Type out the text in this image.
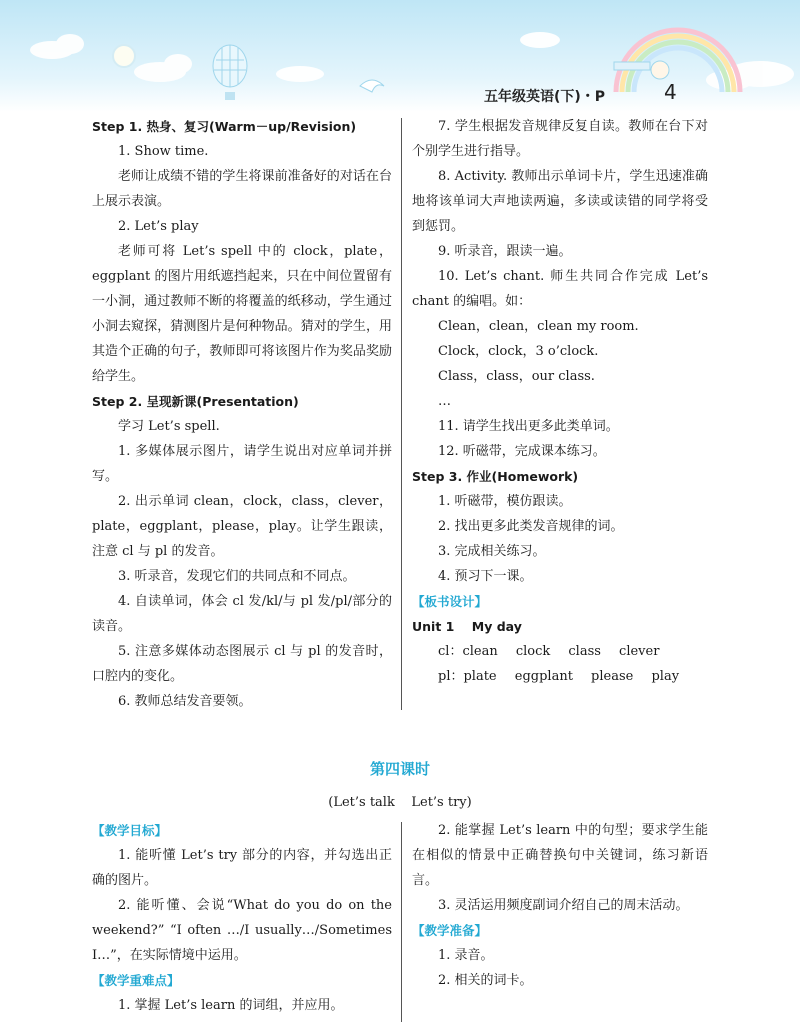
五年级英语(下)・P	4

Step 1. 热身、复习(Warm－up/Revision)

1. Show time.

老师让成绩不错的学生将课前准备好的对话在台上展示表演。

2. Let’s play

老师可将 Let’s spell 中的 clock，plate，eggplant 的图片用纸遮挡起来，只在中间位置留有一小洞，通过教师不断的将覆盖的纸移动，学生通过小洞去窥探，猜测图片是何种物品。猜对的学生，用其造个正确的句子，教师即可将该图片作为奖品奖励给学生。

Step 2. 呈现新课(Presentation)

学习 Let’s spell.

1. 多媒体展示图片，请学生说出对应单词并拼写。

2. 出示单词 clean，clock，class，clever，plate，eggplant，please，play。让学生跟读，注意 cl 与 pl 的发音。

3. 听录音，发现它们的共同点和不同点。

4. 自读单词，体会 cl 发/kl/与 pl 发/pl/部分的读音。

5. 注意多媒体动态图展示 cl 与 pl 的发音时，口腔内的变化。

6. 教师总结发音要领。

7. 学生根据发音规律反复自读。教师在台下对个别学生进行指导。

8. Activity. 教师出示单词卡片，学生迅速准确地将该单词大声地读两遍，多读或读错的同学将受到惩罚。

9. 听录音，跟读一遍。

10. Let’s chant. 师生共同合作完成 Let’s chant 的编唱。如：

Clean，clean，clean my room.

Clock，clock，3 o’clock.

Class，class，our class.

…

11. 请学生找出更多此类单词。

12. 听磁带，完成课本练习。

Step 3. 作业(Homework)

1. 听磁带，模仿跟读。

2. 找出更多此类发音规律的词。

3. 完成相关练习。

4. 预习下一课。

【板书设计】

Unit 1    My day

cl：clean clock class clever

pl：plate eggplant please play

第四课时
(Let’s talk    Let’s try)

【教学目标】

1. 能听懂 Let’s try 部分的内容，并勾选出正确的图片。

2. 能听懂、会说“What do you do on the weekend?” “I often …/I usually…/Sometimes I…”，在实际情境中运用。

【教学重难点】

1. 掌握 Let’s learn 的词组，并应用。

2. 能掌握 Let’s learn 中的句型；要求学生能在相似的情景中正确替换句中关键词，练习新语言。

3. 灵活运用频度副词介绍自己的周末活动。

【教学准备】

1. 录音。

2. 相关的词卡。
